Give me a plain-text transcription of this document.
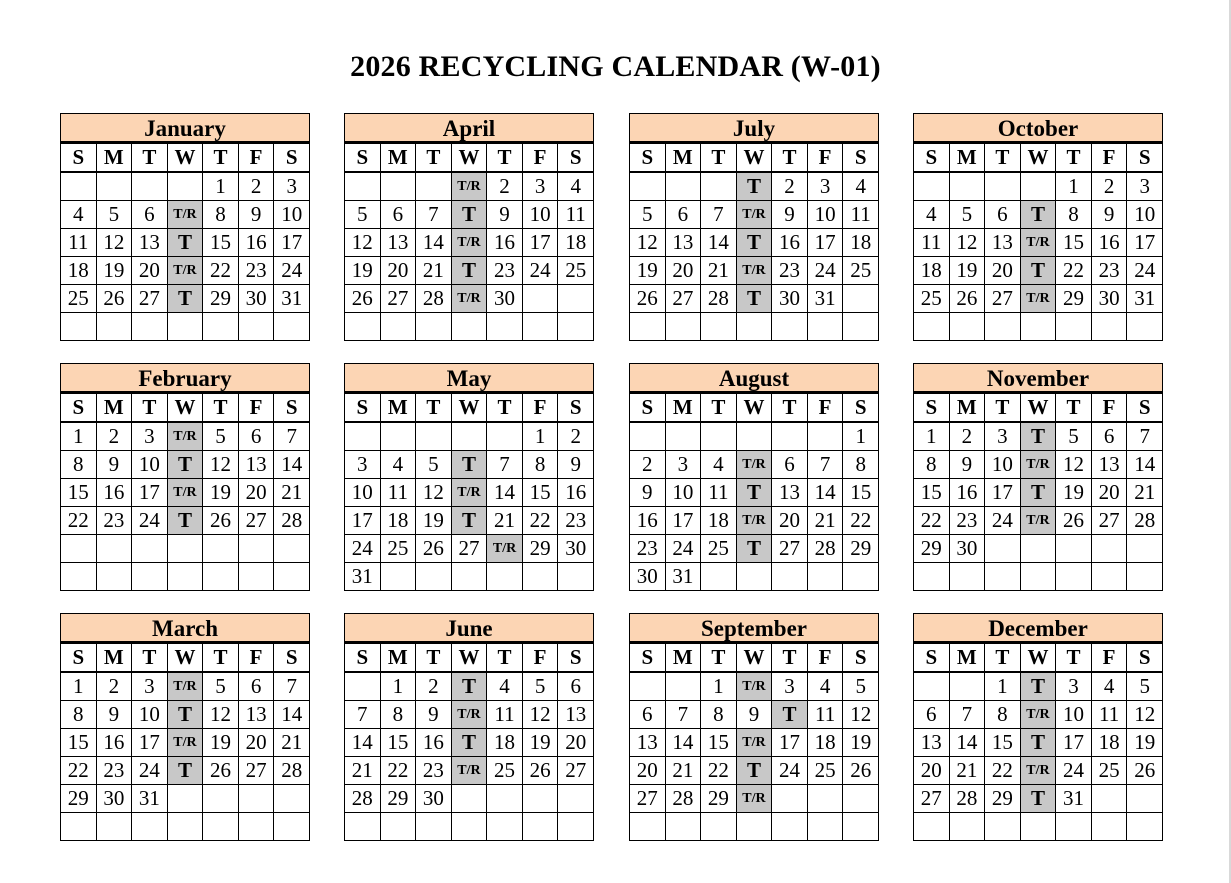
2026 RECYCLING CALENDAR (W-01)
January
S	M	T	W	T	F	S
				1	2	3
4	5	6	T/R	8	9	10
11	12	13	T	15	16	17
18	19	20	T/R	22	23	24
25	26	27	T	29	30	31

April
S	M	T	W	T	F	S
			T/R	2	3	4
5	6	7	T	9	10	11
12	13	14	T/R	16	17	18
19	20	21	T	23	24	25
26	27	28	T/R	30		

July
S	M	T	W	T	F	S
			T	2	3	4
5	6	7	T/R	9	10	11
12	13	14	T	16	17	18
19	20	21	T/R	23	24	25
26	27	28	T	30	31	

October
S	M	T	W	T	F	S
				1	2	3
4	5	6	T	8	9	10
11	12	13	T/R	15	16	17
18	19	20	T	22	23	24
25	26	27	T/R	29	30	31

February
S	M	T	W	T	F	S
1	2	3	T/R	5	6	7
8	9	10	T	12	13	14
15	16	17	T/R	19	20	21
22	23	24	T	26	27	28

May
S	M	T	W	T	F	S
					1	2
3	4	5	T	7	8	9
10	11	12	T/R	14	15	16
17	18	19	T	21	22	23
24	25	26	27	T/R	29	30
31						
August
S	M	T	W	T	F	S
						1
2	3	4	T/R	6	7	8
9	10	11	T	13	14	15
16	17	18	T/R	20	21	22
23	24	25	T	27	28	29
30	31					
November
S	M	T	W	T	F	S
1	2	3	T	5	6	7
8	9	10	T/R	12	13	14
15	16	17	T	19	20	21
22	23	24	T/R	26	27	28
29	30					

March
S	M	T	W	T	F	S
1	2	3	T/R	5	6	7
8	9	10	T	12	13	14
15	16	17	T/R	19	20	21
22	23	24	T	26	27	28
29	30	31				

June
S	M	T	W	T	F	S
	1	2	T	4	5	6
7	8	9	T/R	11	12	13
14	15	16	T	18	19	20
21	22	23	T/R	25	26	27
28	29	30				

September
S	M	T	W	T	F	S
		1	T/R	3	4	5
6	7	8	9	T	11	12
13	14	15	T/R	17	18	19
20	21	22	T	24	25	26
27	28	29	T/R			

December
S	M	T	W	T	F	S
		1	T	3	4	5
6	7	8	T/R	10	11	12
13	14	15	T	17	18	19
20	21	22	T/R	24	25	26
27	28	29	T	31		
